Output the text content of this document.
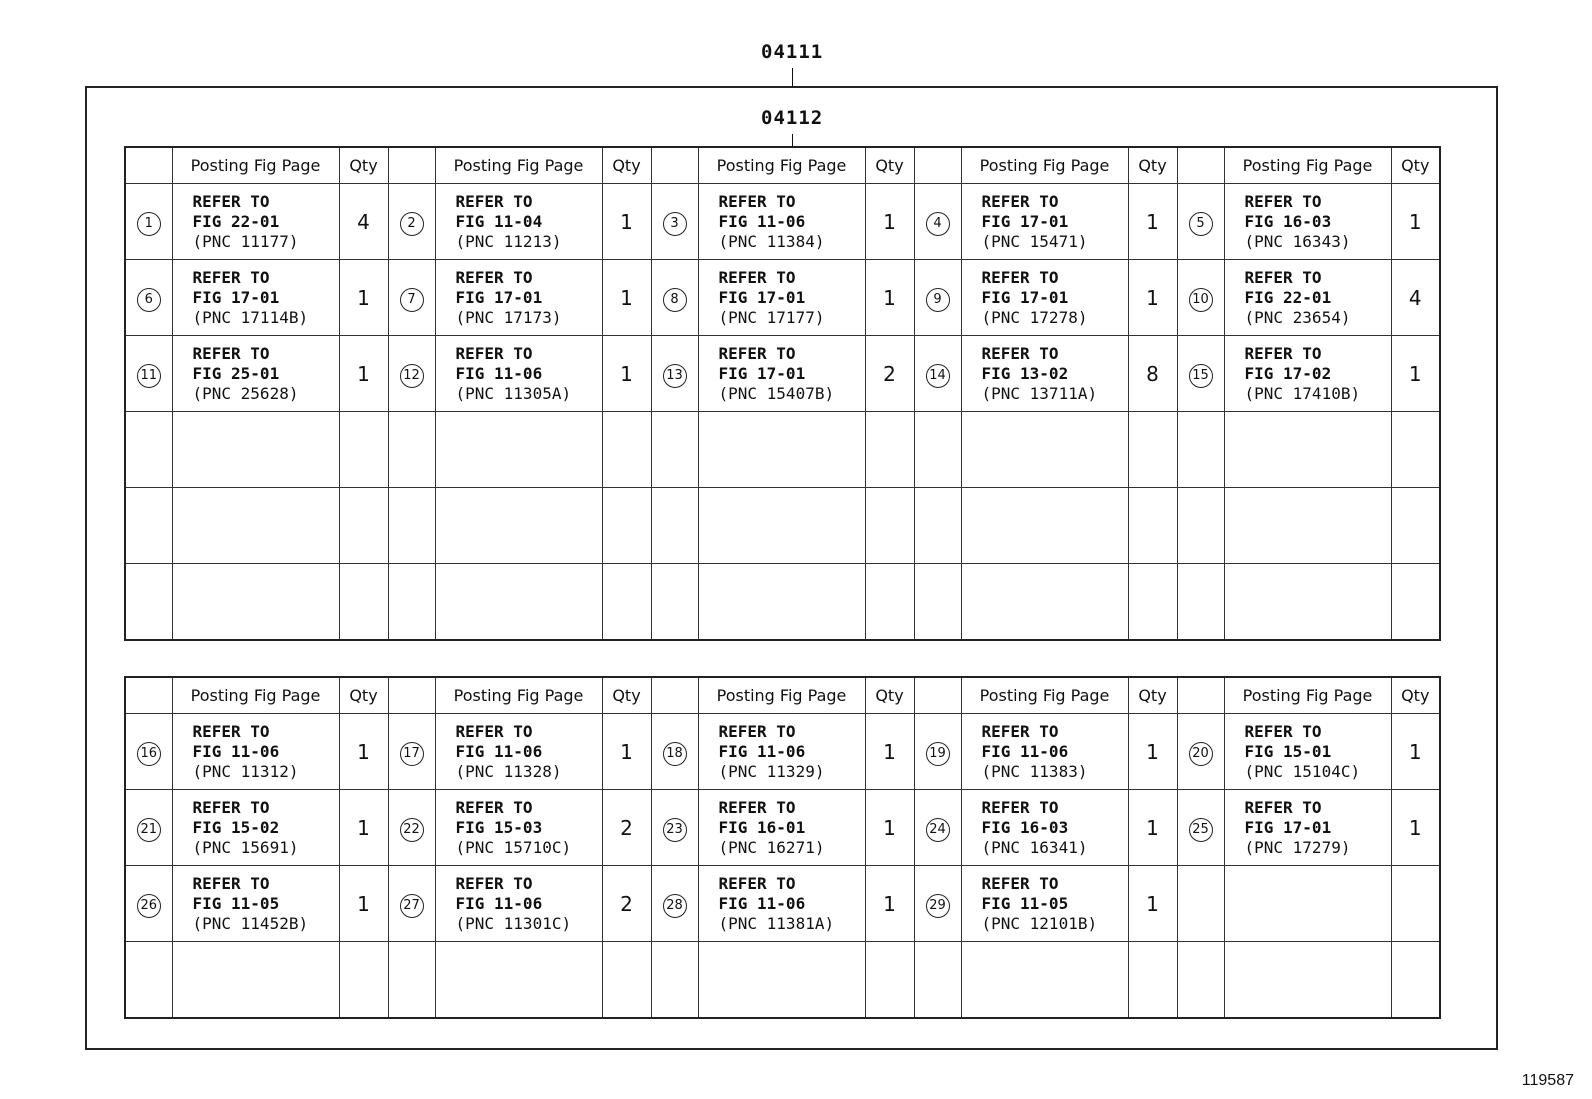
04111
04112
	Posting Fig Page	Qty		Posting Fig Page	Qty		Posting Fig Page	Qty		Posting Fig Page	Qty		Posting Fig Page	Qty
1	REFER TO
FIG 22-01
(PNC 11177)	4	2	REFER TO
FIG 11-04
(PNC 11213)	1	3	REFER TO
FIG 11-06
(PNC 11384)	1	4	REFER TO
FIG 17-01
(PNC 15471)	1	5	REFER TO
FIG 16-03
(PNC 16343)	1
6	REFER TO
FIG 17-01
(PNC 17114B)	1	7	REFER TO
FIG 17-01
(PNC 17173)	1	8	REFER TO
FIG 17-01
(PNC 17177)	1	9	REFER TO
FIG 17-01
(PNC 17278)	1	10	REFER TO
FIG 22-01
(PNC 23654)	4
11	REFER TO
FIG 25-01
(PNC 25628)	1	12	REFER TO
FIG 11-06
(PNC 11305A)	1	13	REFER TO
FIG 17-01
(PNC 15407B)	2	14	REFER TO
FIG 13-02
(PNC 13711A)	8	15	REFER TO
FIG 17-02
(PNC 17410B)	1

	Posting Fig Page	Qty		Posting Fig Page	Qty		Posting Fig Page	Qty		Posting Fig Page	Qty		Posting Fig Page	Qty
16	REFER TO
FIG 11-06
(PNC 11312)	1	17	REFER TO
FIG 11-06
(PNC 11328)	1	18	REFER TO
FIG 11-06
(PNC 11329)	1	19	REFER TO
FIG 11-06
(PNC 11383)	1	20	REFER TO
FIG 15-01
(PNC 15104C)	1
21	REFER TO
FIG 15-02
(PNC 15691)	1	22	REFER TO
FIG 15-03
(PNC 15710C)	2	23	REFER TO
FIG 16-01
(PNC 16271)	1	24	REFER TO
FIG 16-03
(PNC 16341)	1	25	REFER TO
FIG 17-01
(PNC 17279)	1
26	REFER TO
FIG 11-05
(PNC 11452B)	1	27	REFER TO
FIG 11-06
(PNC 11301C)	2	28	REFER TO
FIG 11-06
(PNC 11381A)	1	29	REFER TO
FIG 11-05
(PNC 12101B)	1			

119587
